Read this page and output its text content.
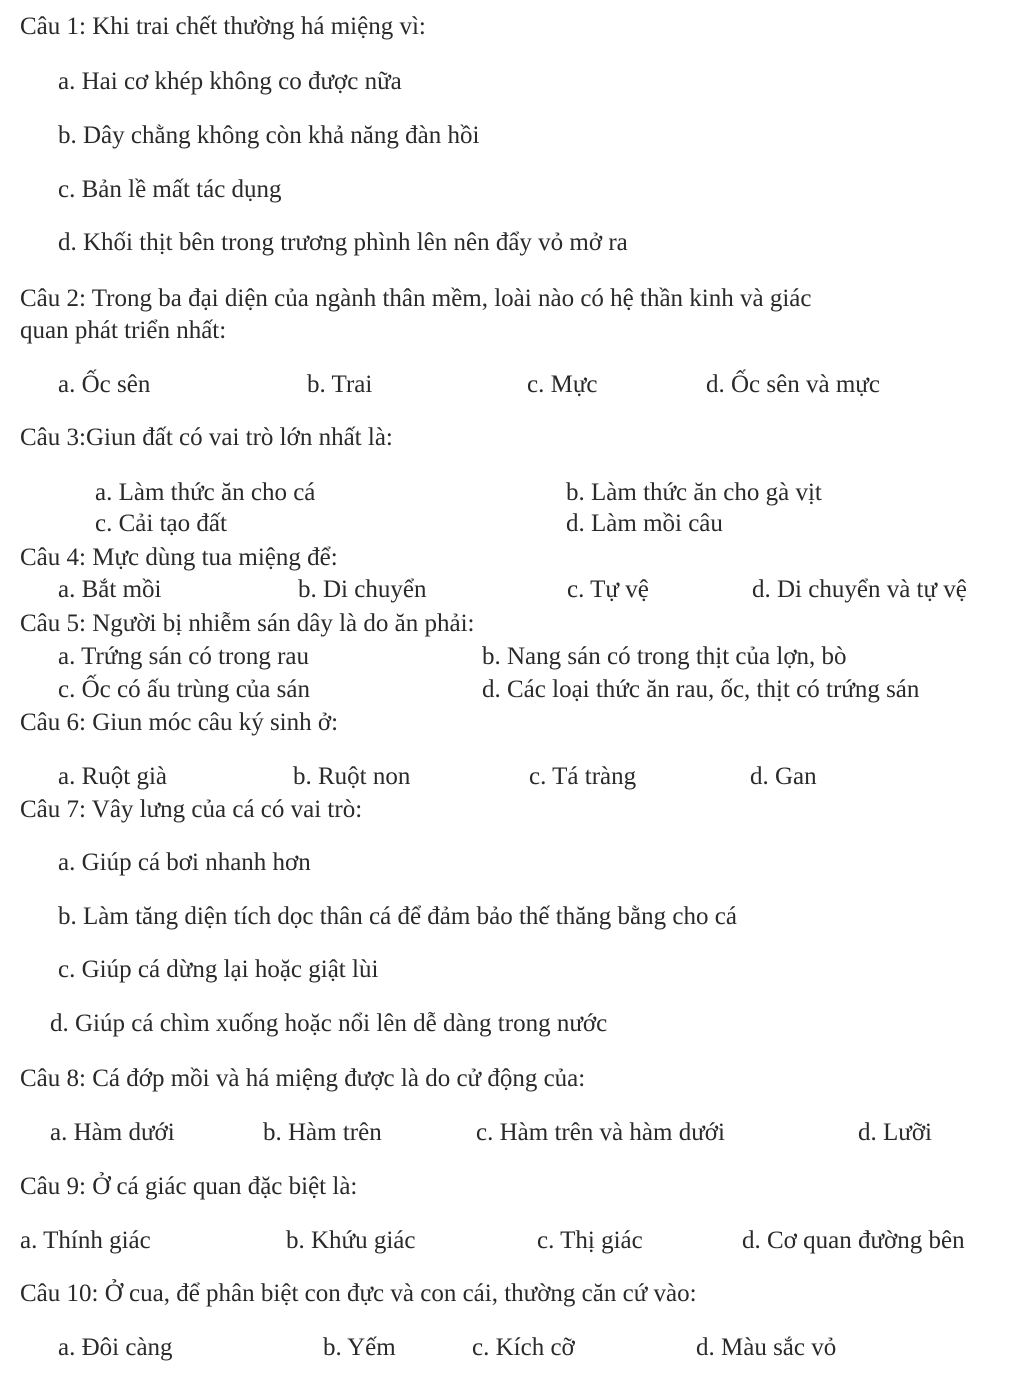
Câu 1: Khi trai chết thường há miệng vì:
a. Hai cơ khép không co được nữa
b. Dây chằng không còn khả năng đàn hồi
c. Bản lề mất tác dụng
d. Khối thịt bên trong trương phình lên nên đẩy vỏ mở ra
Câu 2: Trong ba đại diện của ngành thân mềm, loài nào có hệ thần kinh và giác
quan phát triển nhất:
a. Ốc sên	b. Trai	c. Mực	d. Ốc sên và mực
Câu 3:Giun đất có vai trò lớn nhất là:
a. Làm thức ăn cho cá	b. Làm thức ăn cho gà vịt
c. Cải tạo đất	d. Làm mồi câu
Câu 4: Mực dùng tua miệng để:
a. Bắt mồi	b. Di chuyển	c. Tự vệ	d. Di chuyển và tự vệ
Câu 5: Người bị nhiễm sán dây là do ăn phải:
a. Trứng sán có trong rau	b. Nang sán có trong thịt của lợn, bò
c. Ốc có ấu trùng của sán	d. Các loại thức ăn rau, ốc, thịt có trứng sán
Câu 6: Giun móc câu ký sinh ở:
a. Ruột già	b. Ruột non	c. Tá tràng	d. Gan
Câu 7: Vây lưng của cá có vai trò:
a. Giúp cá bơi nhanh hơn
b. Làm tăng diện tích dọc thân cá để đảm bảo thế thăng bằng cho cá
c. Giúp cá dừng lại hoặc giật lùi
d. Giúp cá chìm xuống hoặc nổi lên dễ dàng trong nước
Câu 8: Cá đớp mồi và há miệng được là do cử động của:
a. Hàm dưới	b. Hàm trên	c. Hàm trên và hàm dưới	d. Lưỡi
Câu 9: Ở cá giác quan đặc biệt là:
a. Thính giác	b. Khứu giác	c. Thị giác	d. Cơ quan đường bên
Câu 10: Ở cua, để phân biệt con đực và con cái, thường căn cứ vào:
a. Đôi càng	b. Yếm	c. Kích cỡ	d. Màu sắc vỏ
